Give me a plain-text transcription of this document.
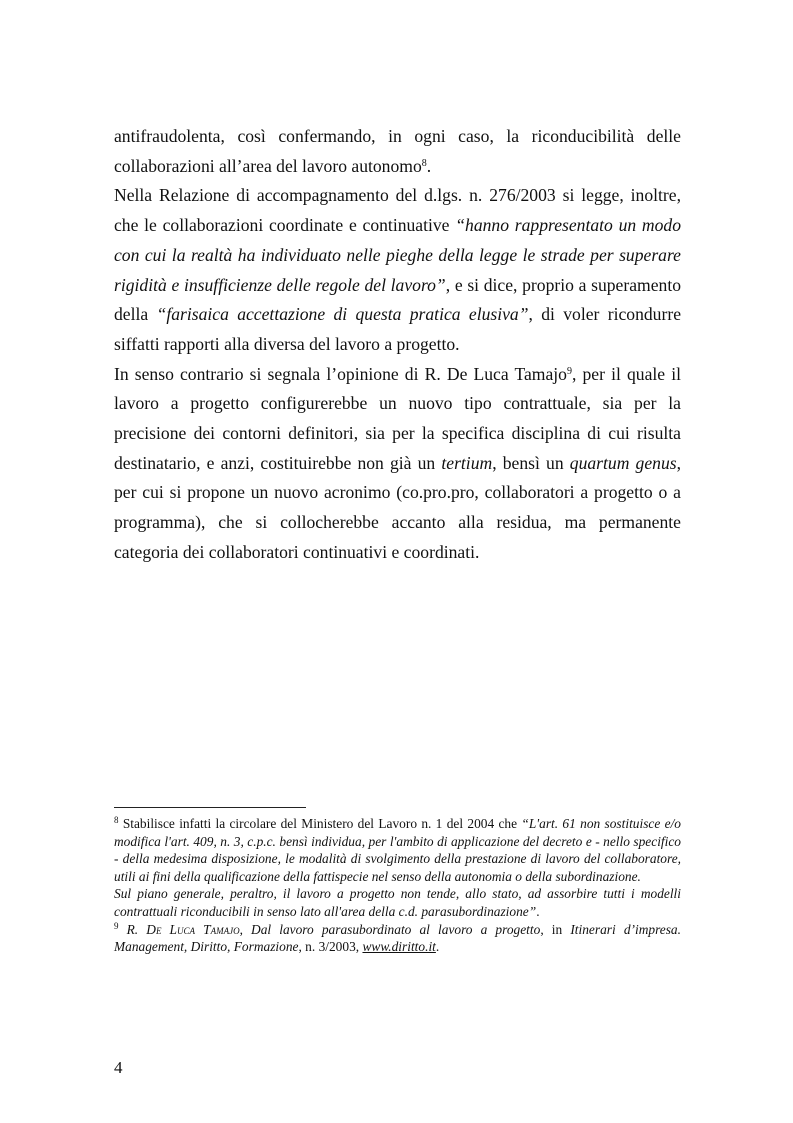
antifraudolenta, così confermando, in ogni caso, la riconducibilità delle collaborazioni all’area del lavoro autonomo$^8$.

Nella Relazione di accompagnamento del d.lgs. n. 276/2003 si legge, inoltre, che le collaborazioni coordinate e continuative “hanno rappresentato un modo con cui la realtà ha individuato nelle pieghe della legge le strade per superare rigidità e insufficienze delle regole del lavoro”, e si dice, proprio a superamento della “farisaica accettazione di questa pratica elusiva”, di voler ricondurre siffatti rapporti alla diversa del lavoro a progetto.

In senso contrario si segnala l’opinione di R. De Luca Tamajo$^9$, per il quale il lavoro a progetto configurerebbe un nuovo tipo contrattuale, sia per la precisione dei contorni definitori, sia per la specifica disciplina di cui risulta destinatario, e anzi, costituirebbe non già un tertium, bensì un quartum genus, per cui si propone un nuovo acronimo (co.pro.pro, collaboratori a progetto o a programma), che si collocherebbe accanto alla residua, ma permanente categoria dei collaboratori continuativi e coordinati.

$^8$ Stabilisce infatti la circolare del Ministero del Lavoro n. 1 del 2004 che “L'art. 61 non sostituisce e/o modifica l'art. 409, n. 3, c.p.c. bensì individua, per l'ambito di applicazione del decreto e - nello specifico - della medesima disposizione, le modalità di svolgimento della prestazione di lavoro del collaboratore, utili ai fini della qualificazione della fattispecie nel senso della autonomia o della subordinazione.

Sul piano generale, peraltro, il lavoro a progetto non tende, allo stato, ad assorbire tutti i modelli contrattuali riconducibili in senso lato all'area della c.d. parasubordinazione”.

$^9$ R. De Luca Tamajo, Dal lavoro parasubordinato al lavoro a progetto, in Itinerari d’impresa. Management, Diritto, Formazione, n. 3/2003, www.diritto.it.

4
